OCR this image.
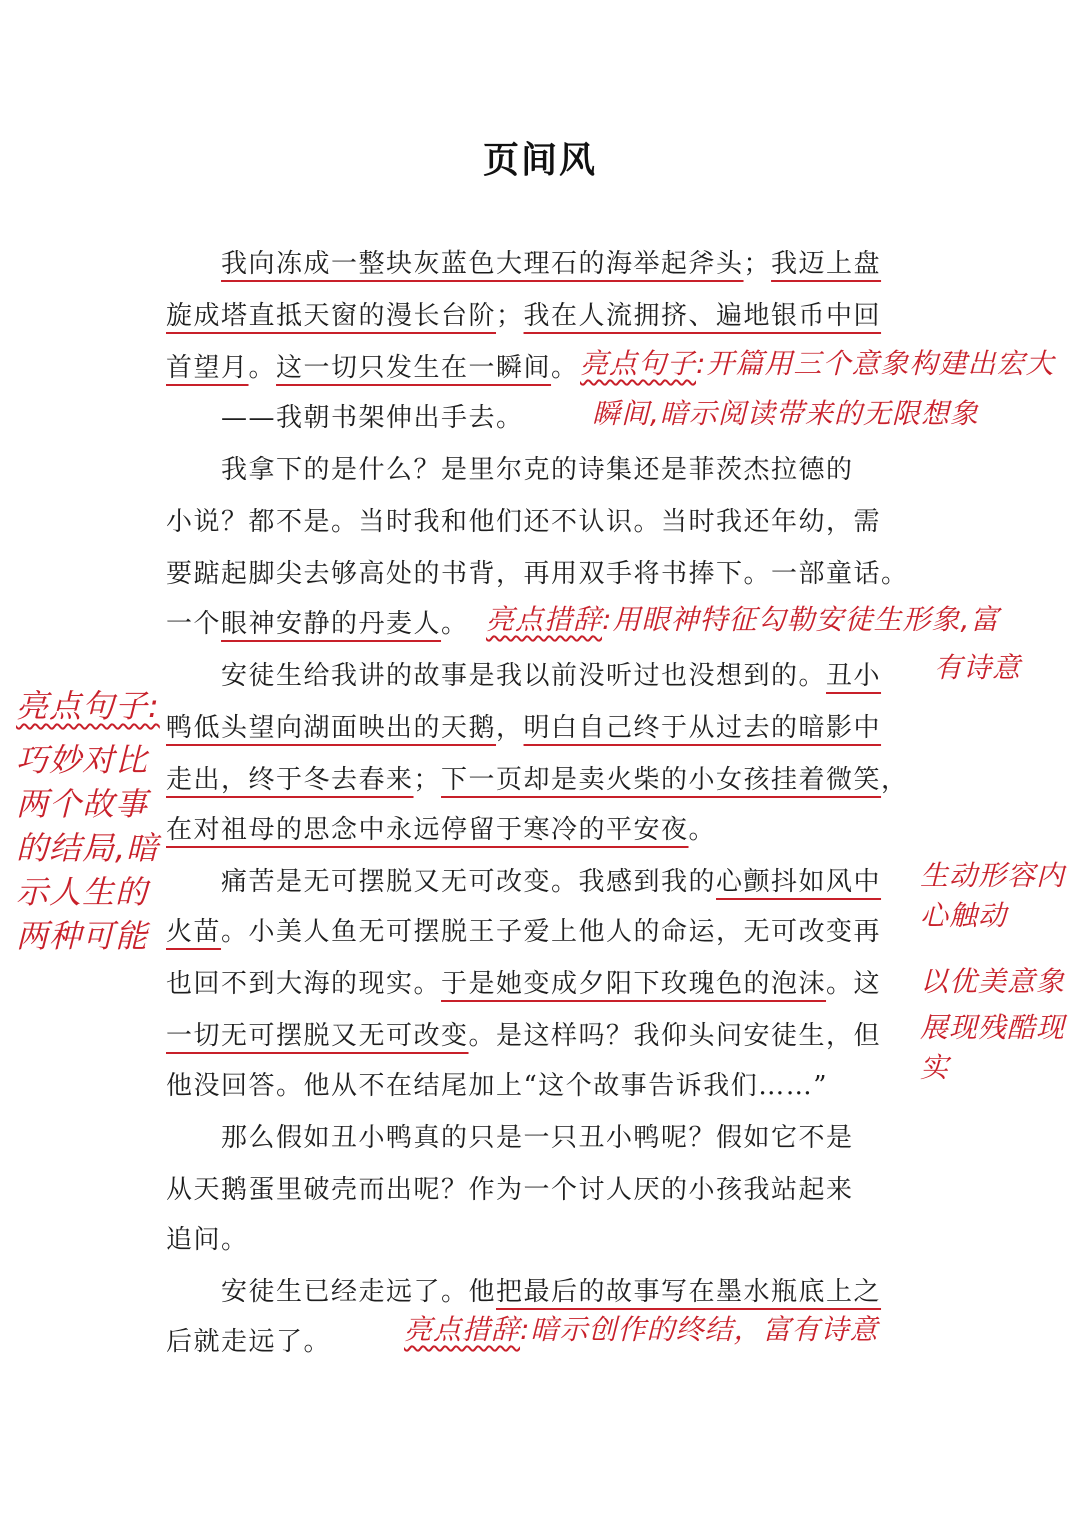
页间风
　　我向冻成一整块灰蓝色大理石的海举起斧头；我迈上盘
旋成塔直抵天窗的漫长台阶；我在人流拥挤、遍地银币中回
首望月。这一切只发生在一瞬间。
　　——我朝书架伸出手去。
　　我拿下的是什么？是里尔克的诗集还是菲茨杰拉德的
小说？都不是。当时我和他们还不认识。当时我还年幼，需
要踮起脚尖去够高处的书背，再用双手将书捧下。一部童话。
一个眼神安静的丹麦人。
　　安徒生给我讲的故事是我以前没听过也没想到的。丑小
鸭低头望向湖面映出的天鹅，明白自己终于从过去的暗影中
走出，终于冬去春来；下一页却是卖火柴的小女孩挂着微笑，
在对祖母的思念中永远停留于寒冷的平安夜。
　　痛苦是无可摆脱又无可改变。我感到我的心颤抖如风中
火苗。小美人鱼无可摆脱王子爱上他人的命运，无可改变再
也回不到大海的现实。于是她变成夕阳下玫瑰色的泡沫。这
一切无可摆脱又无可改变。是这样吗？我仰头问安徒生，但
他没回答。他从不在结尾加上“这个故事告诉我们……”
　　那么假如丑小鸭真的只是一只丑小鸭呢？假如它不是
从天鹅蛋里破壳而出呢？作为一个讨人厌的小孩我站起来
追问。
　　安徒生已经走远了。他把最后的故事写在墨水瓶底上之
后就走远了。
亮点句子:开篇用三个意象构建出宏大
瞬间,暗示阅读带来的无限想象
亮点措辞:用眼神特征勾勒安徒生形象,富
有诗意
亮点句子:
巧妙对比
两个故事
的结局,暗
示人生的
两种可能
生动形容内
心触动
以优美意象
展现残酷现
实
亮点措辞:暗示创作的终结，富有诗意
